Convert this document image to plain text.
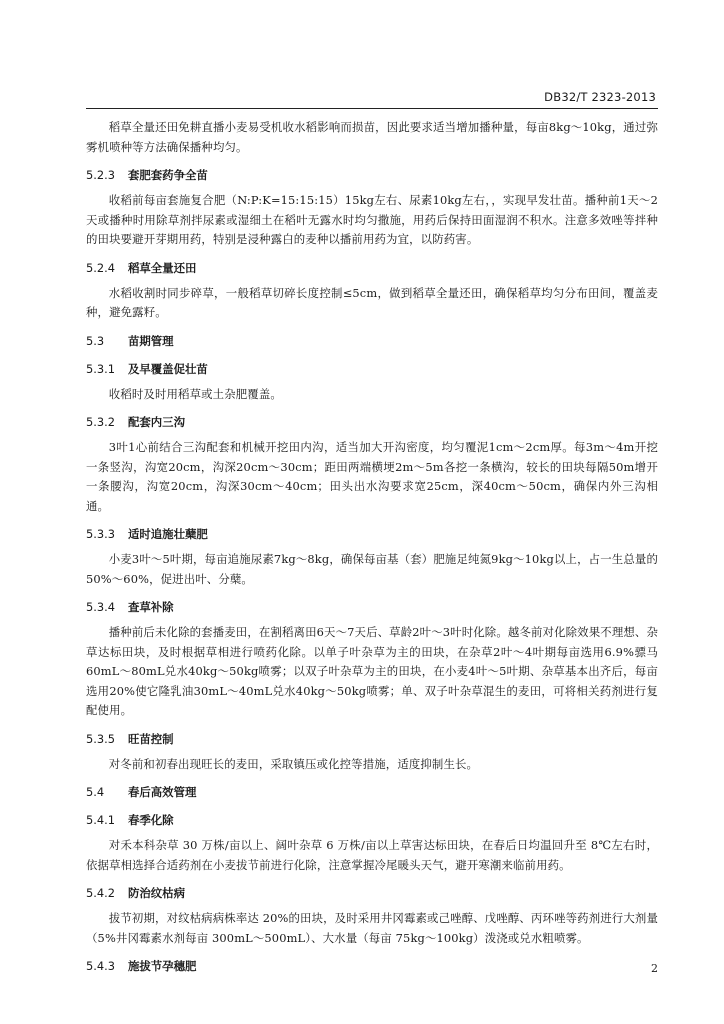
DB32/T 2323-2013

稻草全量还田免耕直播小麦易受机收水稻影响而损苗，因此要求适当增加播种量，每亩8kg～10kg，通过弥雾机喷种等方法确保播种均匀。

5.2.3 套肥套药争全苗

收稻前每亩套施复合肥（N:P:K=15:15:15）15kg左右、尿素10kg左右，，实现早发壮苗。播种前1天～2天或播种时用除草剂拌尿素或湿细土在稻叶无露水时均匀撒施，用药后保持田面湿润不积水。注意多效唑等拌种的田块要避开芽期用药，特别是浸种露白的麦种以播前用药为宜，以防药害。

5.2.4 稻草全量还田

水稻收割时同步碎草，一般稻草切碎长度控制≤5cm，做到稻草全量还田，确保稻草均匀分布田间，覆盖麦种，避免露籽。

5.3 苗期管理
5.3.1 及早覆盖促壮苗

收稻时及时用稻草或土杂肥覆盖。

5.3.2 配套内三沟

3叶1心前结合三沟配套和机械开挖田内沟，适当加大开沟密度，均匀覆泥1cm～2cm厚。每3m～4m开挖一条竖沟，沟宽20cm，沟深20cm～30cm；距田两端横埂2m～5m各挖一条横沟，较长的田块每隔50m增开一条腰沟，沟宽20cm，沟深30cm～40cm；田头出水沟要求宽25cm，深40cm～50cm，确保内外三沟相通。

5.3.3 适时追施壮蘖肥

小麦3叶～5叶期，每亩追施尿素7kg～8kg，确保每亩基（套）肥施足纯氮9kg～10kg以上，占一生总量的50%～60%，促进出叶、分蘖。

5.3.4 查草补除

播种前后未化除的套播麦田，在割稻离田6天～7天后、草龄2叶～3叶时化除。越冬前对化除效果不理想、杂草达标田块，及时根据草相进行喷药化除。以单子叶杂草为主的田块，在杂草2叶～4叶期每亩选用6.9%骠马60mL～80mL兑水40kg～50kg喷雾；以双子叶杂草为主的田块，在小麦4叶～5叶期、杂草基本出齐后，每亩选用20%使它隆乳油30mL～40mL兑水40kg～50kg喷雾；单、双子叶杂草混生的麦田，可将相关药剂进行复配使用。

5.3.5 旺苗控制

对冬前和初春出现旺长的麦田，采取镇压或化控等措施，适度抑制生长。

5.4 春后高效管理
5.4.1 春季化除

对禾本科杂草 30 万株/亩以上、阔叶杂草 6 万株/亩以上草害达标田块，在春后日均温回升至 8℃左右时，依据草相选择合适药剂在小麦拔节前进行化除，注意掌握冷尾暖头天气，避开寒潮来临前用药。

5.4.2 防治纹枯病

拔节初期，对纹枯病病株率达 20%的田块，及时采用井冈霉素或己唑醇、戊唑醇、丙环唑等药剂进行大剂量（5%井冈霉素水剂每亩 300mL～500mL）、大水量（每亩 75kg～100kg）泼浇或兑水粗喷雾。

5.4.3 施拔节孕穗肥	2
